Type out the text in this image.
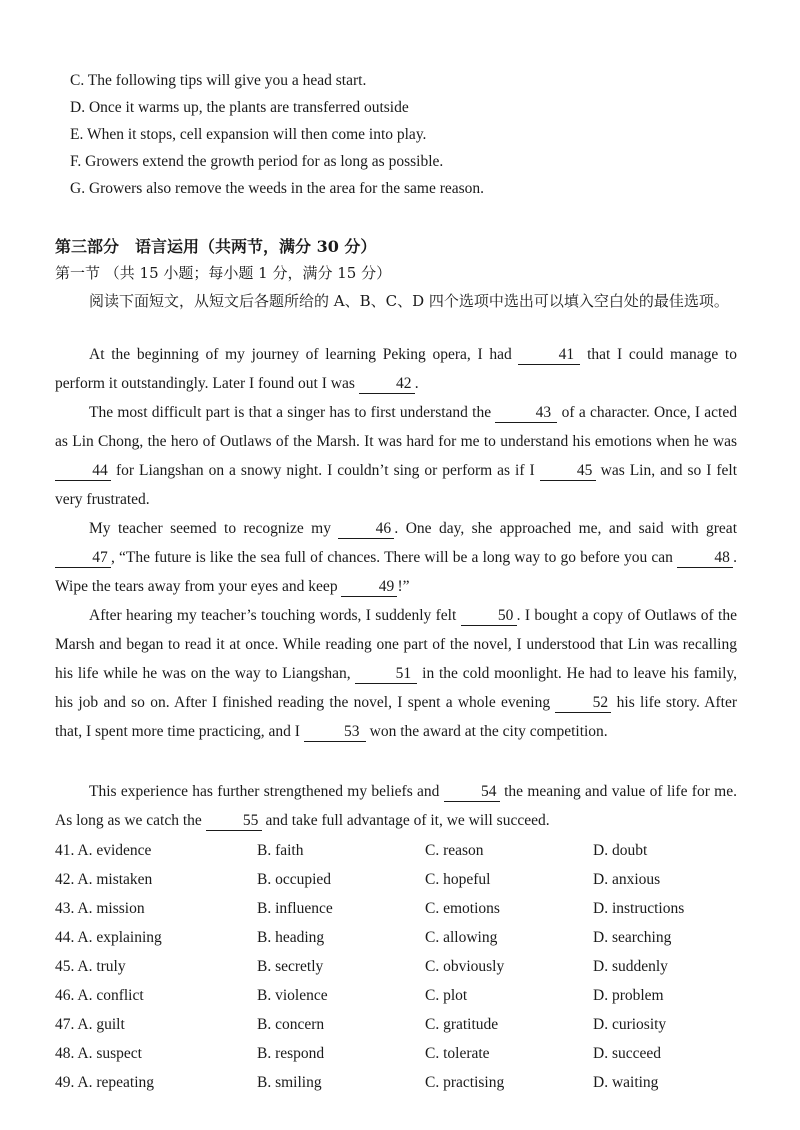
C. The following tips will give you a head start.
D. Once it warms up, the plants are transferred outside
E. When it stops, cell expansion will then come into play.
F. Growers extend the growth period for as long as possible.
G. Growers also remove the weeds in the area for the same reason.
第三部分　语言运用（共两节，满分 30 分）
第一节 （共 15 小题；每小题 1 分，满分 15 分）
阅读下面短文，从短文后各题所给的 A、B、C、D 四个选项中选出可以填入空白处的最佳选项。
At the beginning of my journey of learning Peking opera, I had	41 that I could manage to perform it outstandingly. Later I found out I was 42 .
The most difficult part is that a singer has to first understand the	43 of a character. Once, I acted as Lin Chong, the hero of Outlaws of the Marsh. It was hard for me to understand his emotions when he was 44 for Liangshan on a snowy night. I couldn’t sing or perform as if I 45 was Lin, and so I felt very frustrated.
My teacher seemed to recognize my 46 . One day, she approached me, and said with great 47 , “The future is like the sea full of chances. There will be a long way to go before you can 48 . Wipe the tears away from your eyes and keep 49 !”
After hearing my teacher’s touching words, I suddenly felt 50 . I bought a copy of Outlaws of the Marsh and began to read it at once. While reading one part of the novel, I understood that Lin was recalling his life while he was on the way to Liangshan,	51 in the cold moonlight. He had to leave his family, his job and so on. After I finished reading the novel, I spent a whole evening 52 his life story. After that, I spent more time practicing, and I	53 won the award at the city competition.
This experience has further strengthened my beliefs and 54 the meaning and value of life for me. As long as we catch the 55 and take full advantage of it, we will succeed.
41. A. evidence	B. faith	C. reason	D. doubt
42. A. mistaken	B. occupied	C. hopeful	D. anxious
43. A. mission	B. influence	C. emotions	D. instructions
44. A. explaining	B. heading	C. allowing	D. searching
45. A. truly	B. secretly	C. obviously	D. suddenly
46. A. conflict	B. violence	C. plot	D. problem
47. A. guilt	B. concern	C. gratitude	D. curiosity
48. A. suspect	B. respond	C. tolerate	D. succeed
49. A. repeating	B. smiling	C. practising	D. waiting
